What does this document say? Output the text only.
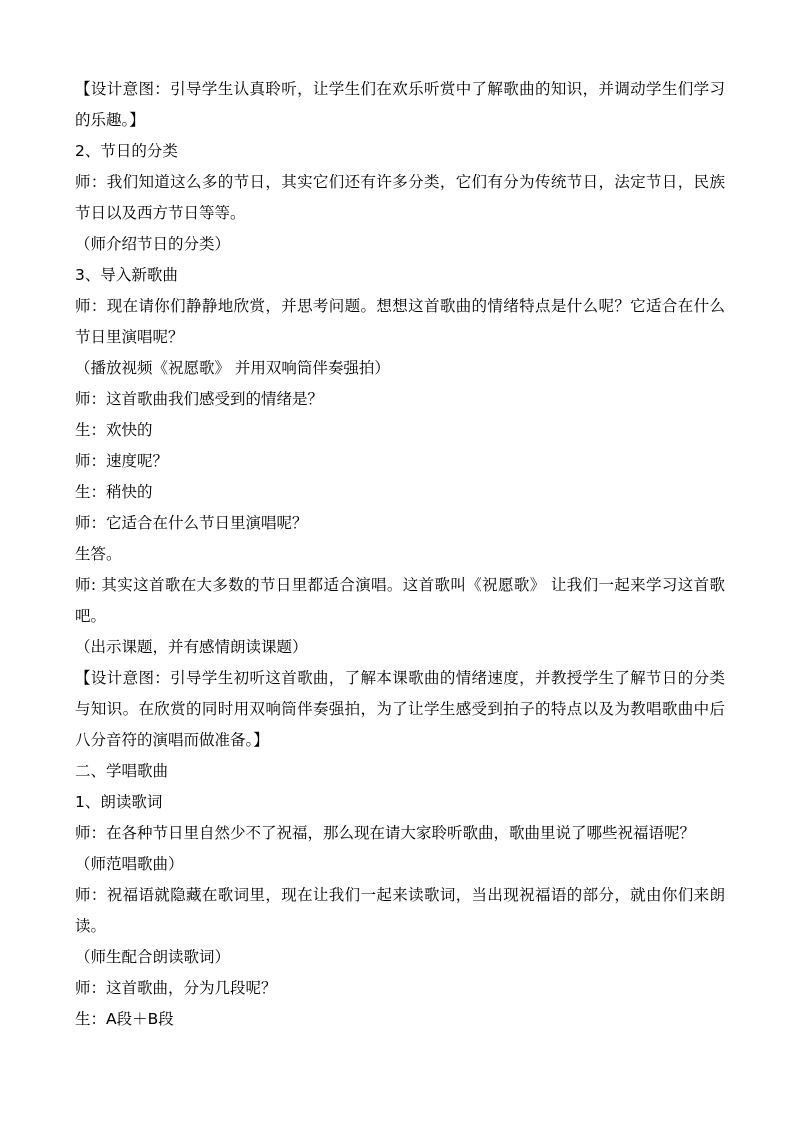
【设计意图：引导学生认真聆听，让学生们在欢乐听赏中了解歌曲的知识，并调动学生们学习的乐趣。】

2、节日的分类

师：我们知道这么多的节日，其实它们还有许多分类，它们有分为传统节日，法定节日，民族节日以及西方节日等等。

（师介绍节日的分类）

3、导入新歌曲

师：现在请你们静静地欣赏，并思考问题。想想这首歌曲的情绪特点是什么呢？它适合在什么节日里演唱呢？

（播放视频《祝愿歌》 并用双响筒伴奏强拍）

师：这首歌曲我们感受到的情绪是？

生：欢快的

师：速度呢？

生：稍快的

师：它适合在什么节日里演唱呢？

生答。

师: 其实这首歌在大多数的节日里都适合演唱。这首歌叫《祝愿歌》 让我们一起来学习这首歌吧。

（出示课题，并有感情朗读课题）

【设计意图：引导学生初听这首歌曲，了解本课歌曲的情绪速度，并教授学生了解节日的分类与知识。在欣赏的同时用双响筒伴奏强拍，为了让学生感受到拍子的特点以及为教唱歌曲中后八分音符的演唱而做准备。】

二、学唱歌曲

1、朗读歌词

师：在各种节日里自然少不了祝福，那么现在请大家聆听歌曲，歌曲里说了哪些祝福语呢？

（师范唱歌曲）

师：祝福语就隐藏在歌词里，现在让我们一起来读歌词，当出现祝福语的部分，就由你们来朗读。

（师生配合朗读歌词）

师：这首歌曲，分为几段呢？

生：A段＋B段
